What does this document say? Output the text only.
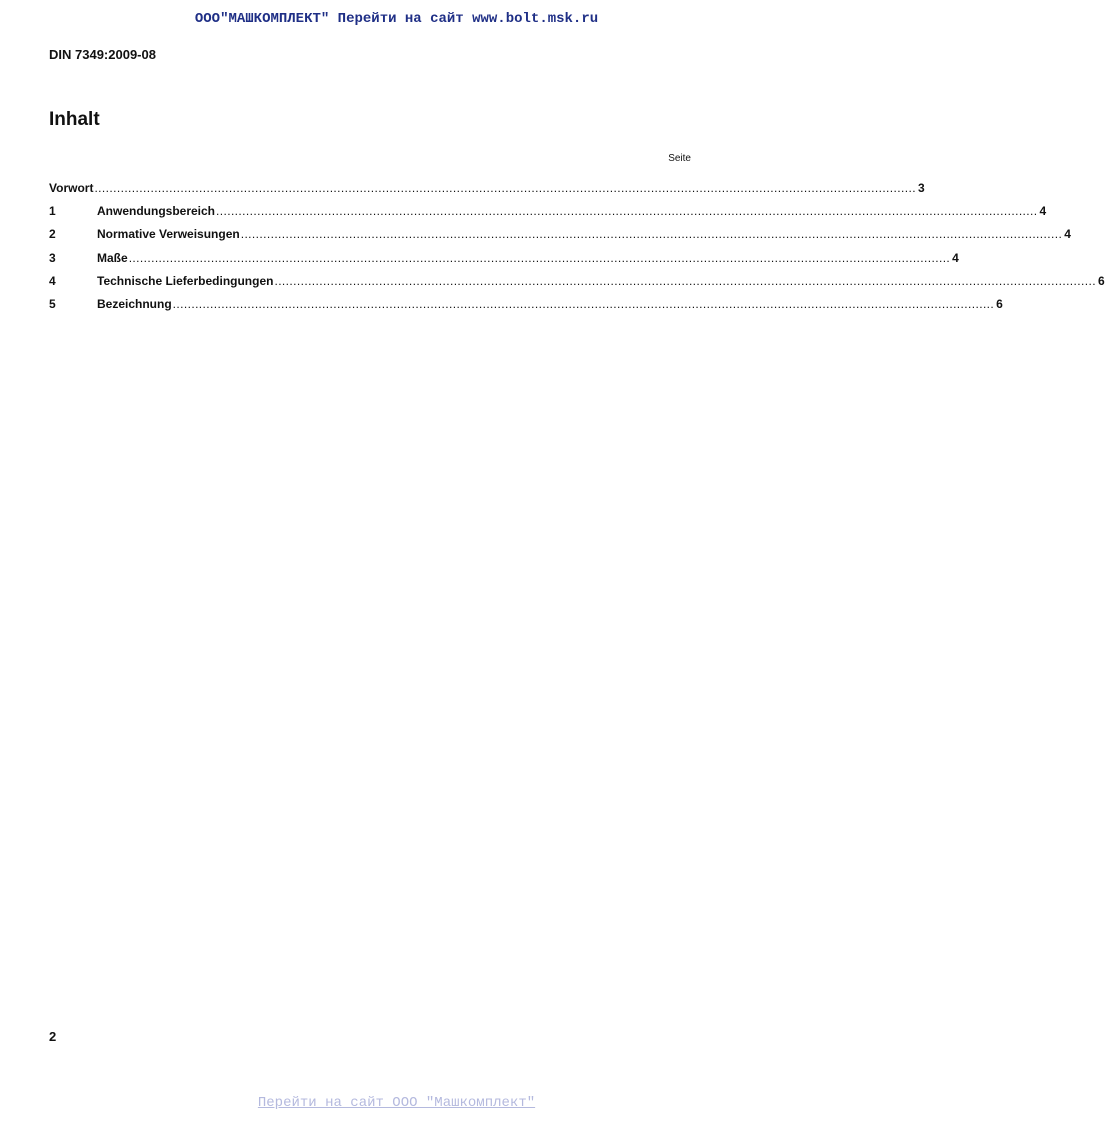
ООО"МАШКОМПЛЕКТ" Перейти на сайт www.bolt.msk.ru
DIN 7349:2009-08
Inhalt
Seite
Vorwort ............................................................................................................................................................................................................................ 3
1	Anwendungsbereich ............................................................................................................................................................................................................................ 4
2	Normative Verweisungen ............................................................................................................................................................................................................................ 4
3	Maße ............................................................................................................................................................................................................................ 4
4	Technische Lieferbedingungen ............................................................................................................................................................................................................................ 6
5	Bezeichnung ............................................................................................................................................................................................................................ 6
2
Перейти на сайт ООО "Машкомплект"
